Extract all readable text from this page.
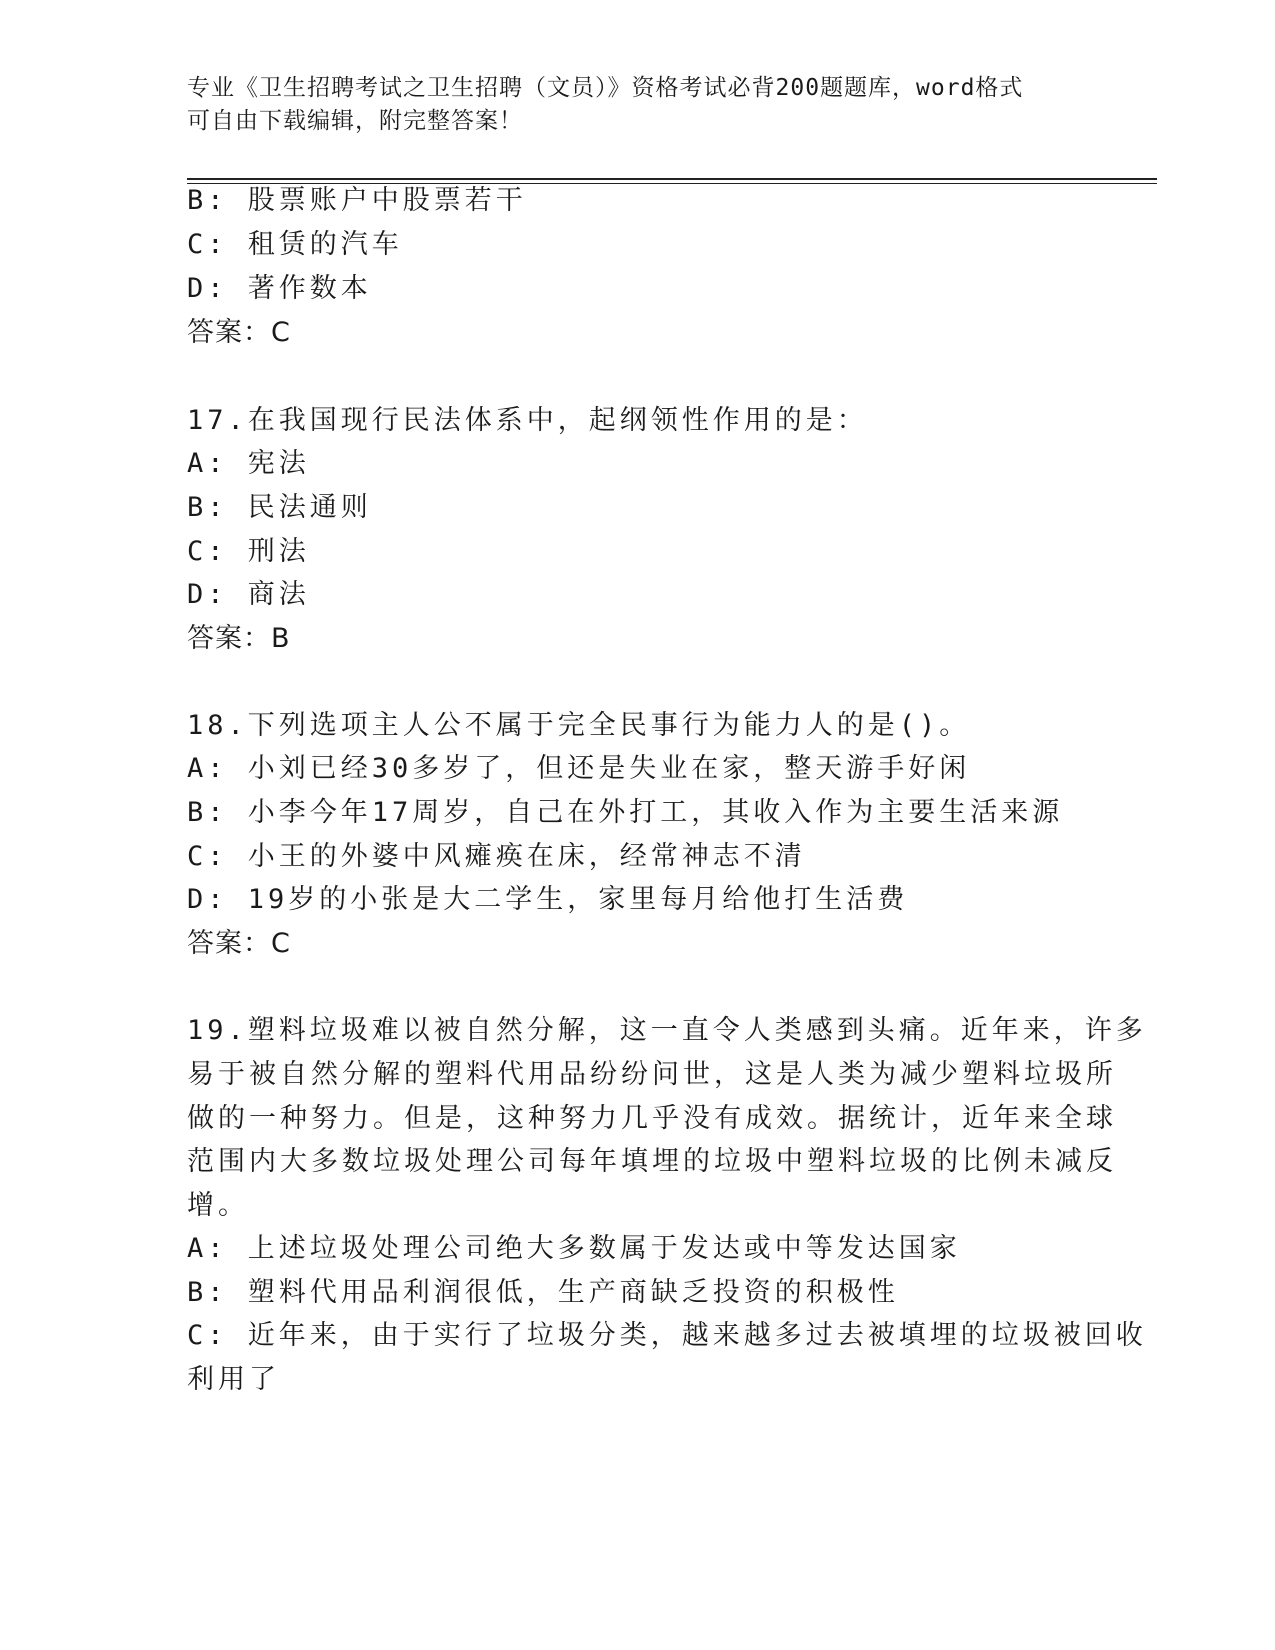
专业《卫生招聘考试之卫生招聘（文员）》资格考试必背200题题库，word格式
可自由下载编辑，附完整答案！
B: 股票账户中股票若干
C: 租赁的汽车
D: 著作数本
答案：C
17.在我国现行民法体系中，起纲领性作用的是：
A: 宪法
B: 民法通则
C: 刑法
D: 商法
答案：B
18.下列选项主人公不属于完全民事行为能力人的是()。
A: 小刘已经30多岁了，但还是失业在家，整天游手好闲
B: 小李今年17周岁，自己在外打工，其收入作为主要生活来源
C: 小王的外婆中风瘫痪在床，经常神志不清
D: 19岁的小张是大二学生，家里每月给他打生活费
答案：C
19.塑料垃圾难以被自然分解，这一直令人类感到头痛。近年来，许多
易于被自然分解的塑料代用品纷纷问世，这是人类为减少塑料垃圾所
做的一种努力。但是，这种努力几乎没有成效。据统计，近年来全球
范围内大多数垃圾处理公司每年填埋的垃圾中塑料垃圾的比例未减反
增。
A: 上述垃圾处理公司绝大多数属于发达或中等发达国家
B: 塑料代用品利润很低，生产商缺乏投资的积极性
C: 近年来，由于实行了垃圾分类，越来越多过去被填埋的垃圾被回收
利用了
